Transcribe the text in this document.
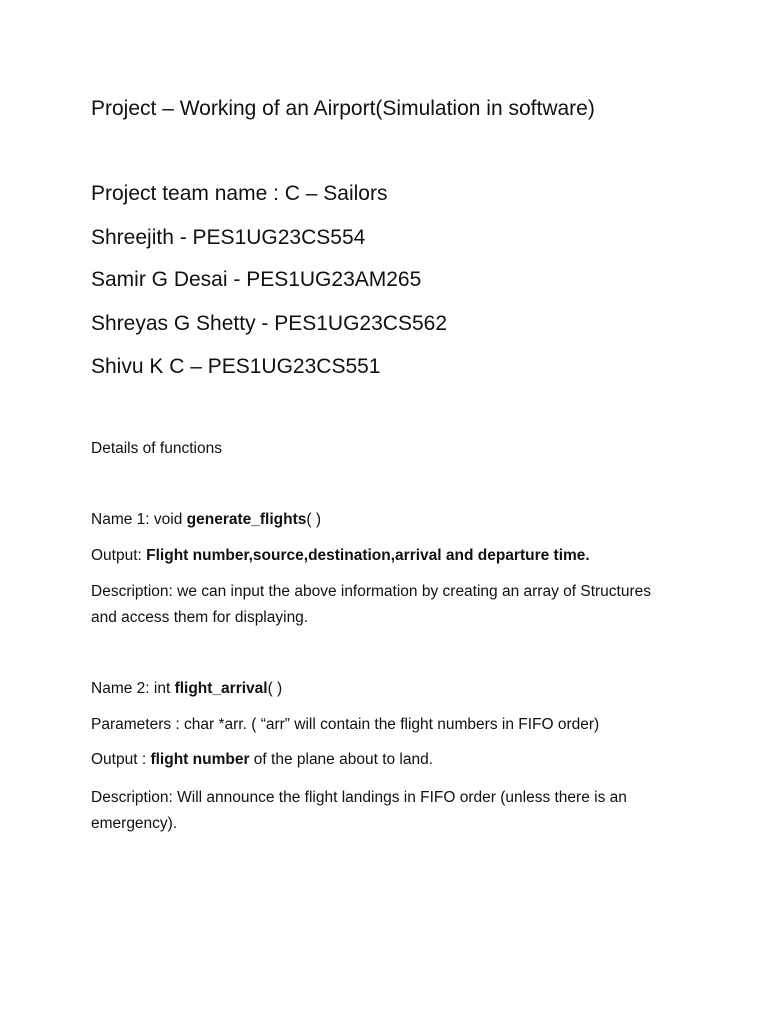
Project – Working of an Airport(Simulation in software)
Project team name : C – Sailors
Shreejith - PES1UG23CS554
Samir G Desai - PES1UG23AM265
Shreyas G Shetty - PES1UG23CS562
Shivu K C – PES1UG23CS551
Details of functions
Name 1: void generate_flights( )
Output: Flight number,source,destination,arrival and departure time.
Description: we can input the above information by creating an array of Structures and access them for displaying.
Name 2: int flight_arrival( )
Parameters : char *arr. ( “arr” will contain the flight numbers in FIFO order)
Output : flight number of the plane about to land.
Description: Will announce the flight landings in FIFO order (unless there is an emergency).
